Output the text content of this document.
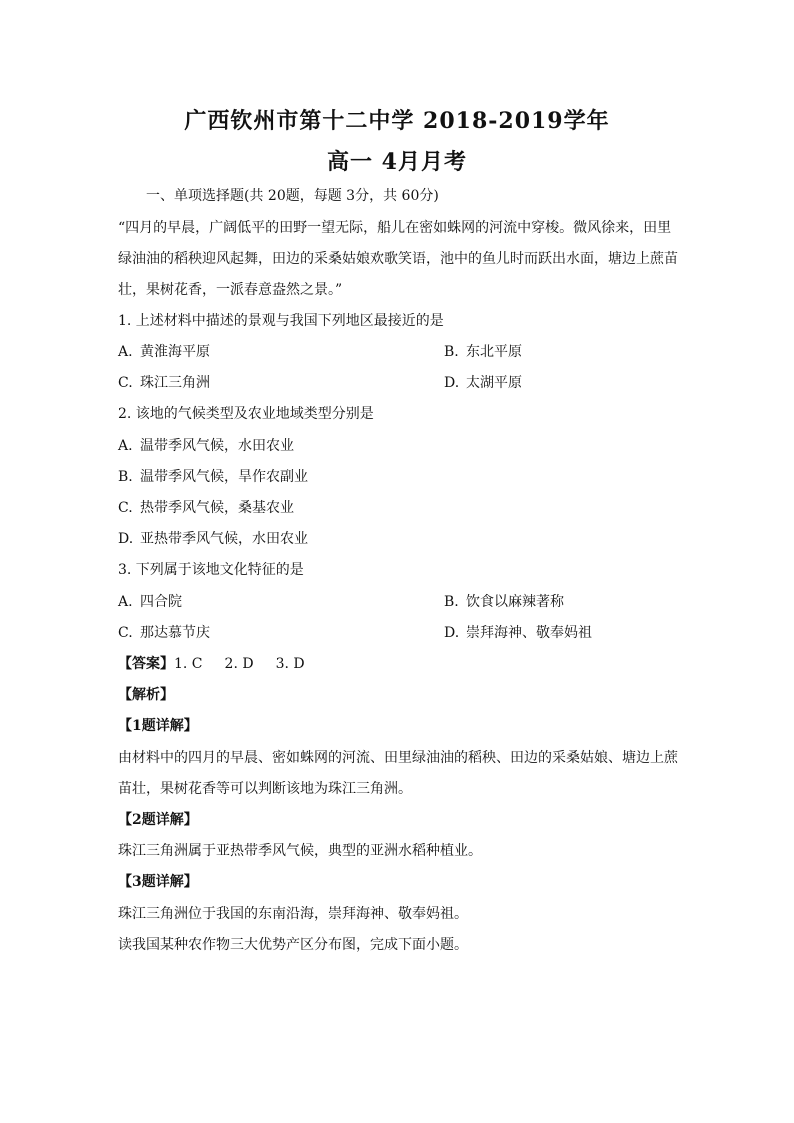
广西钦州市第十二中学 2018-2019学年
高一 4月月考
一、单项选择题(共 20题，每题 3分，共 60分)
“四月的早晨，广阔低平的田野一望无际，船儿在密如蛛网的河流中穿梭。微风徐来，田里
绿油油的稻秧迎风起舞，田边的采桑姑娘欢歌笑语，池中的鱼儿时而跃出水面，塘边上蔗苗
壮，果树花香，一派春意盎然之景。”
1. 上述材料中描述的景观与我国下列地区最接近的是
A. 黄淮海平原	B. 东北平原
C. 珠江三角洲	D. 太湖平原
2. 该地的气候类型及农业地域类型分别是
A. 温带季风气候，水田农业
B. 温带季风气候，旱作农副业
C. 热带季风气候，桑基农业
D. 亚热带季风气候，水田农业
3. 下列属于该地文化特征的是
A. 四合院	B. 饮食以麻辣著称
C. 那达慕节庆	D. 崇拜海神、敬奉妈祖
【答案】1. C 2. D 3. D
【解析】
【1题详解】
由材料中的四月的早晨、密如蛛网的河流、田里绿油油的稻秧、田边的采桑姑娘、塘边上蔗
苗壮，果树花香等可以判断该地为珠江三角洲。
【2题详解】
珠江三角洲属于亚热带季风气候，典型的亚洲水稻种植业。
【3题详解】
珠江三角洲位于我国的东南沿海，崇拜海神、敬奉妈祖。
读我国某种农作物三大优势产区分布图，完成下面小题。
